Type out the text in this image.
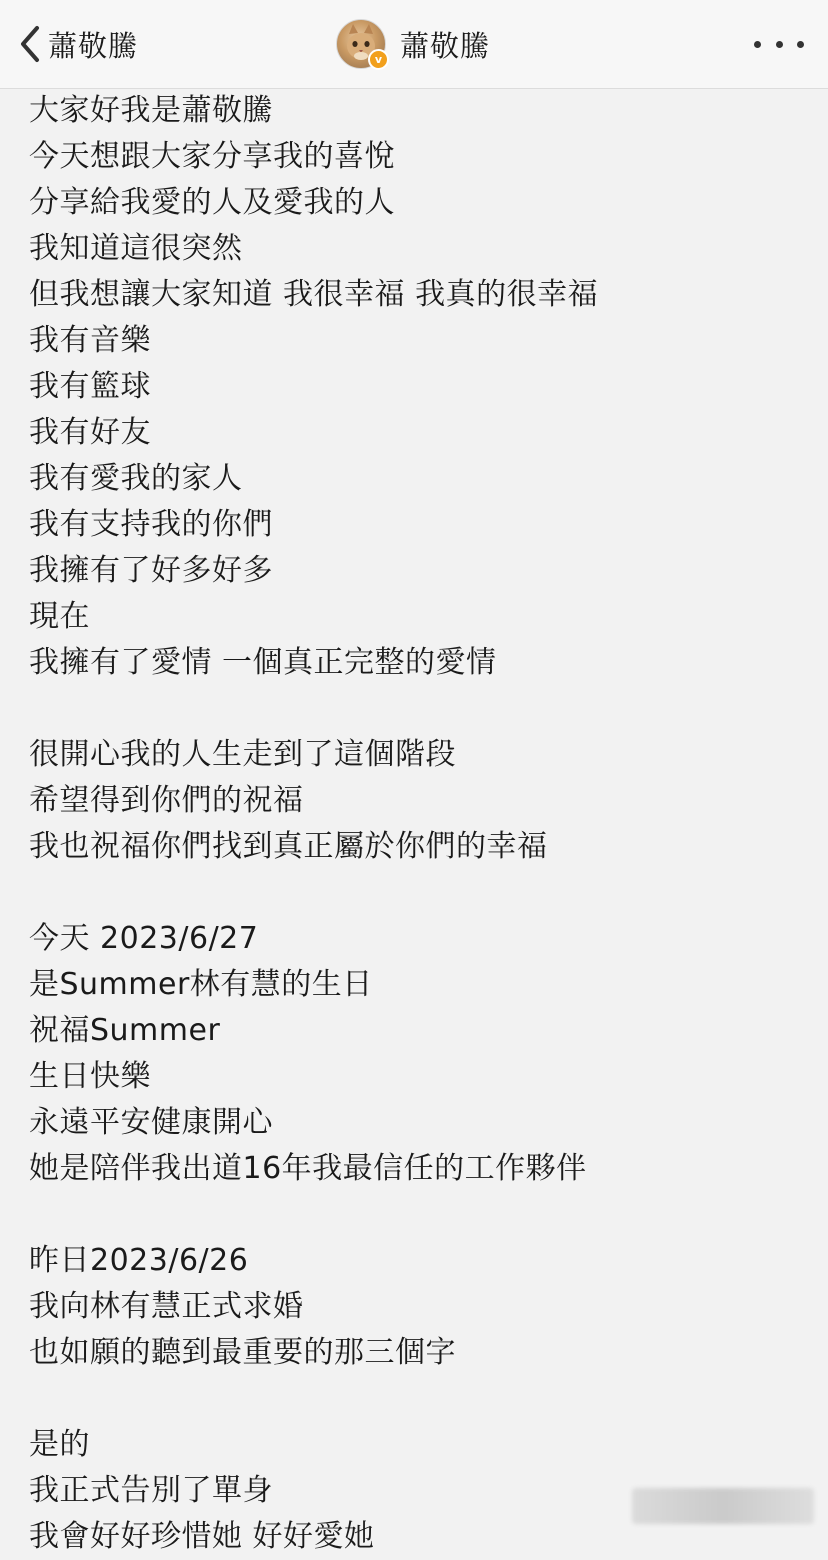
蕭敬騰	v 蕭敬騰
大家好我是蕭敬騰
今天想跟大家分享我的喜悅
分享給我愛的人及愛我的人
我知道這很突然
但我想讓大家知道 我很幸福 我真的很幸福
我有音樂
我有籃球
我有好友
我有愛我的家人
我有支持我的你們
我擁有了好多好多
現在
我擁有了愛情 一個真正完整的愛情
很開心我的人生走到了這個階段
希望得到你們的祝福
我也祝福你們找到真正屬於你們的幸福
今天 2023/6/27
是Summer林有慧的生日
祝福Summer
生日快樂
永遠平安健康開心
她是陪伴我出道16年我最信任的工作夥伴
昨日2023/6/26
我向林有慧正式求婚
也如願的聽到最重要的那三個字
是的
我正式告別了單身
我會好好珍惜她 好好愛她
